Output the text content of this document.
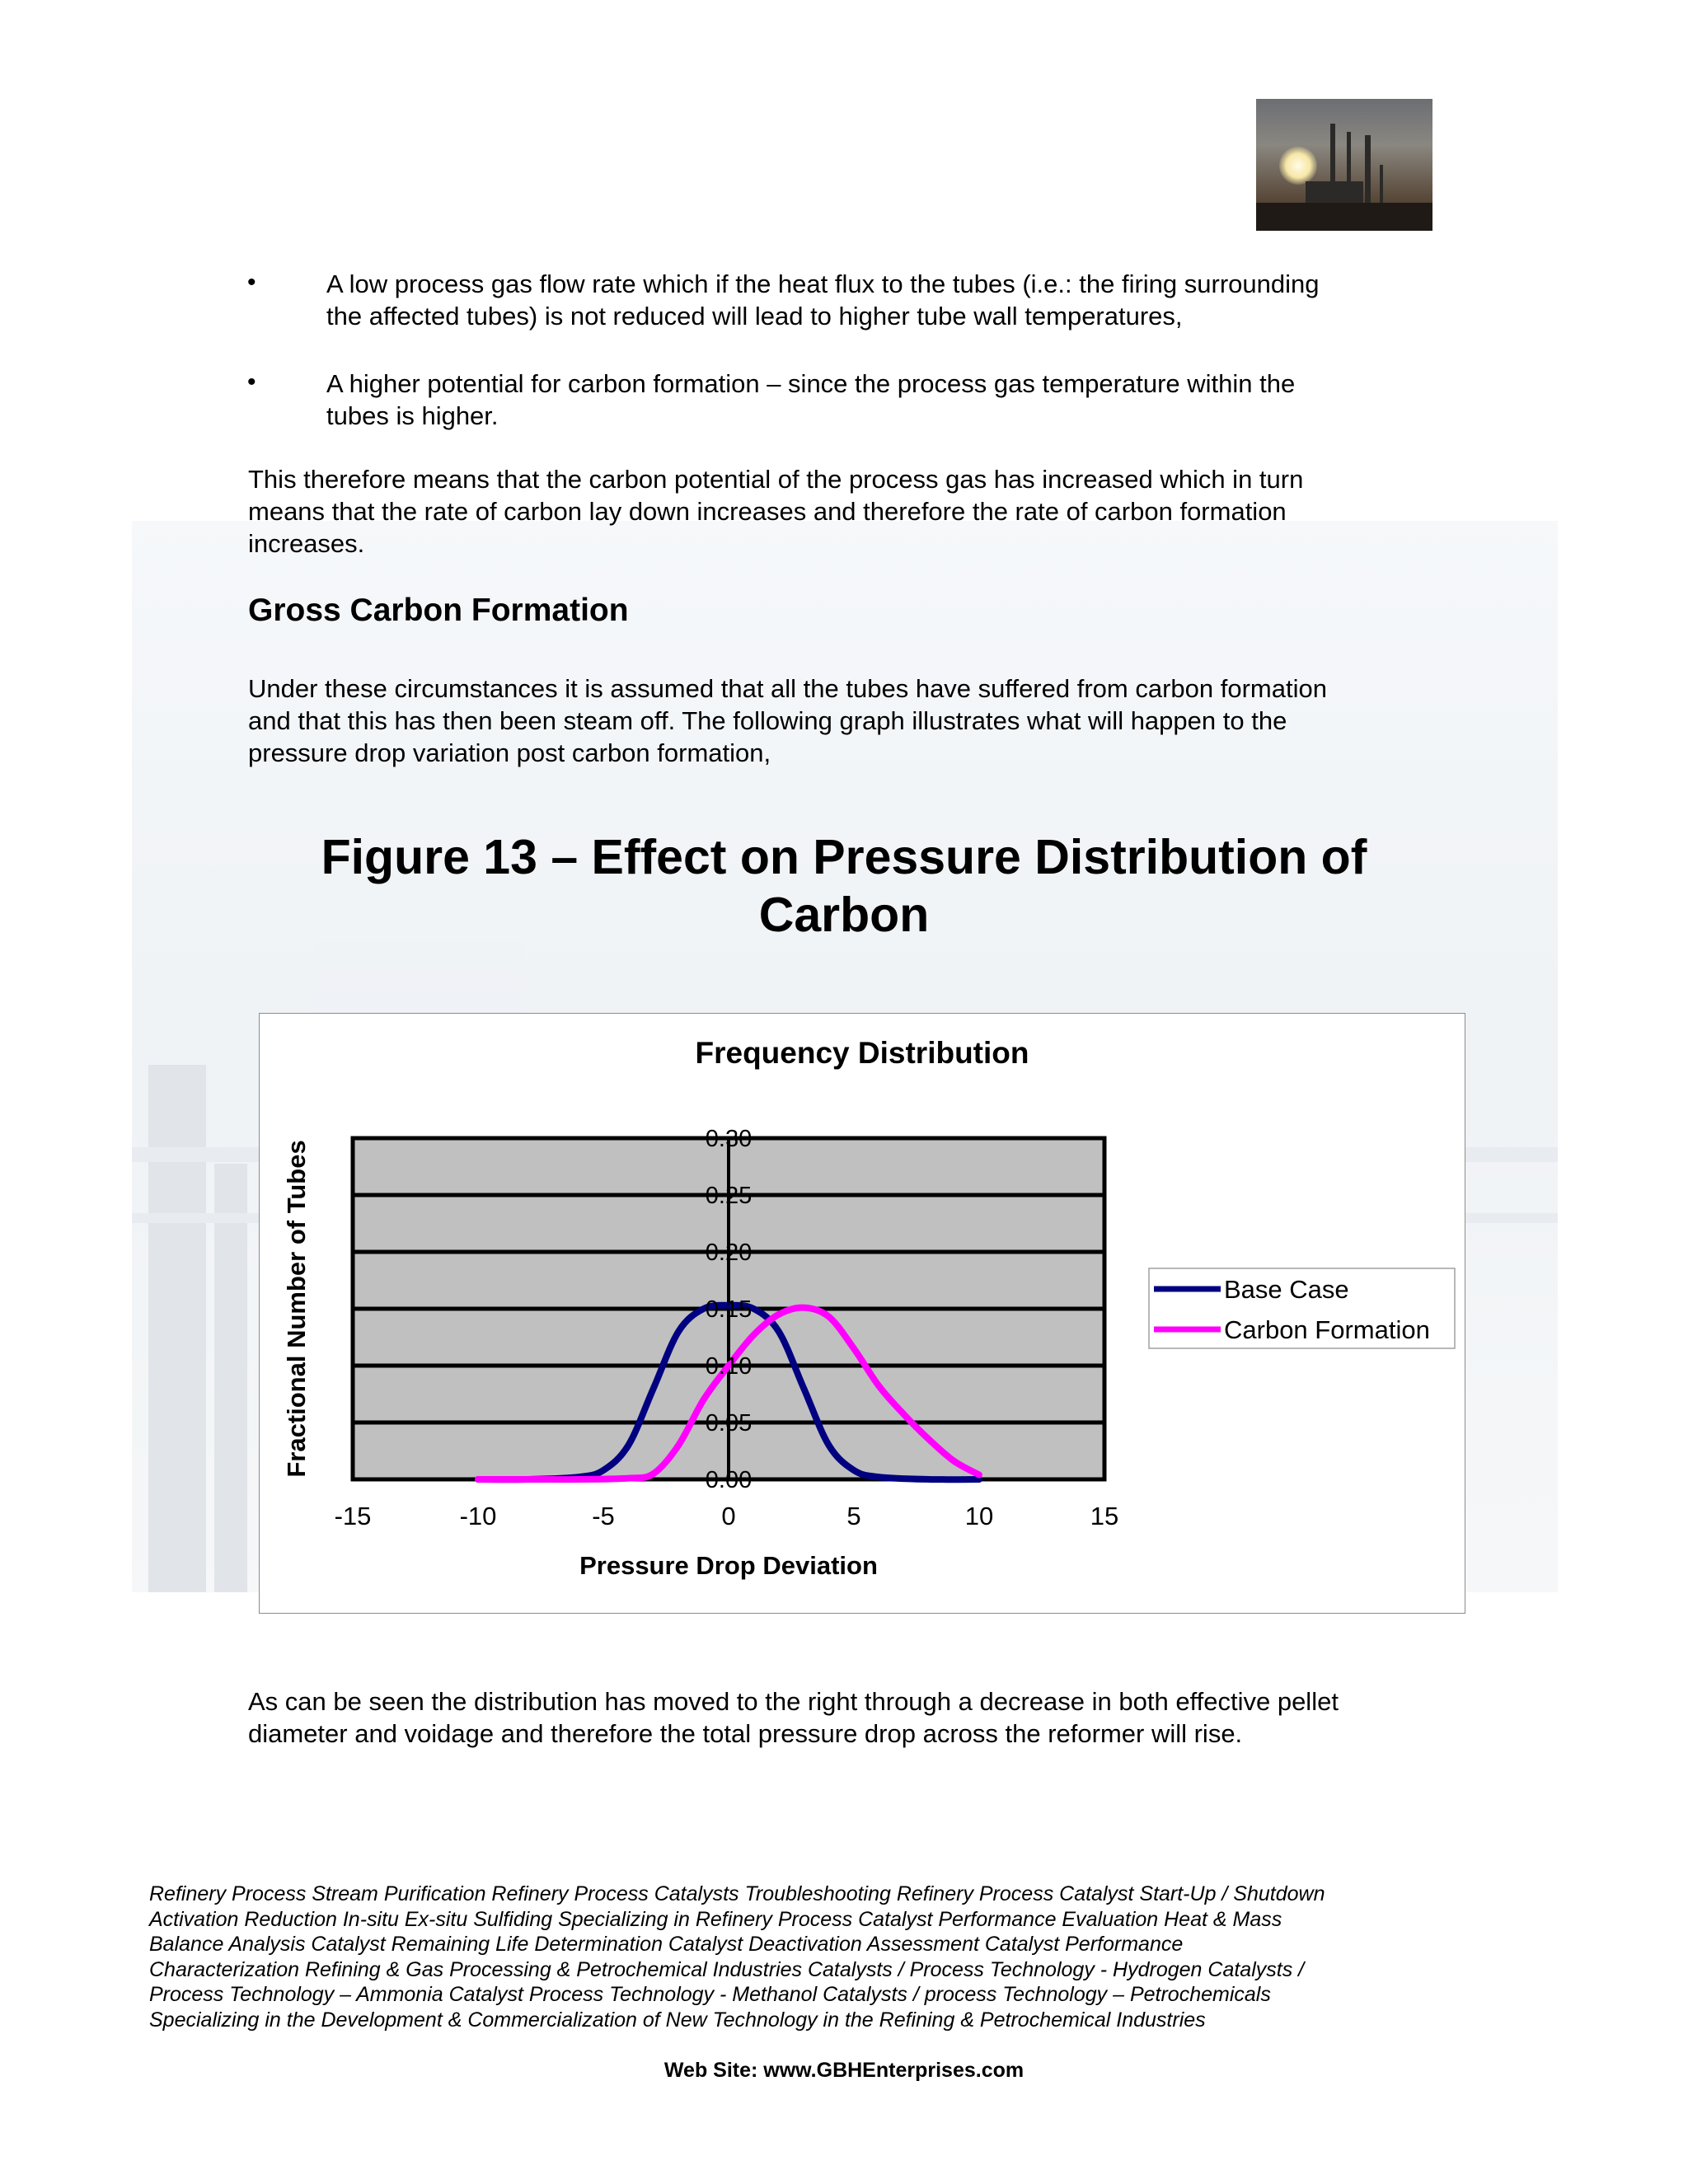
•	A low process gas flow rate which if the heat flux to the tubes (i.e.: the firing surrounding
the affected tubes) is not reduced will lead to higher tube wall temperatures,
•	A higher potential for carbon formation – since the process gas temperature within the
tubes is higher.
This therefore means that the carbon potential of the process gas has increased which in turn
means that the rate of carbon lay down increases and therefore the rate of carbon formation
increases.
Gross Carbon Formation
Under these circumstances it is assumed that all the tubes have suffered from carbon formation
and that this has then been steam off. The following graph illustrates what will happen to the
pressure drop variation post carbon formation,
Figure 13 – Effect on Pressure Distribution of
Carbon
0.00
0.05
0.10
0.15
0.20
0.25
0.30
-15	-10	-5	0	5	10	15
Frequency Distribution
Pressure Drop Deviation
Fractional Number of Tubes	Base Case
Carbon Formation
As can be seen the distribution has moved to the right through a decrease in both effective pellet
diameter and voidage and therefore the total pressure drop across the reformer will rise.
Refinery Process Stream Purification Refinery Process Catalysts Troubleshooting Refinery Process Catalyst Start-Up / Shutdown
Activation Reduction In-situ Ex-situ Sulfiding Specializing in Refinery Process Catalyst Performance Evaluation Heat & Mass
Balance Analysis Catalyst Remaining Life Determination Catalyst Deactivation Assessment Catalyst Performance
Characterization Refining & Gas Processing & Petrochemical Industries Catalysts / Process Technology - Hydrogen Catalysts /
Process Technology – Ammonia Catalyst Process Technology - Methanol Catalysts / process Technology – Petrochemicals
Specializing in the Development & Commercialization of New Technology in the Refining & Petrochemical Industries
Web Site: www.GBHEnterprises.com
